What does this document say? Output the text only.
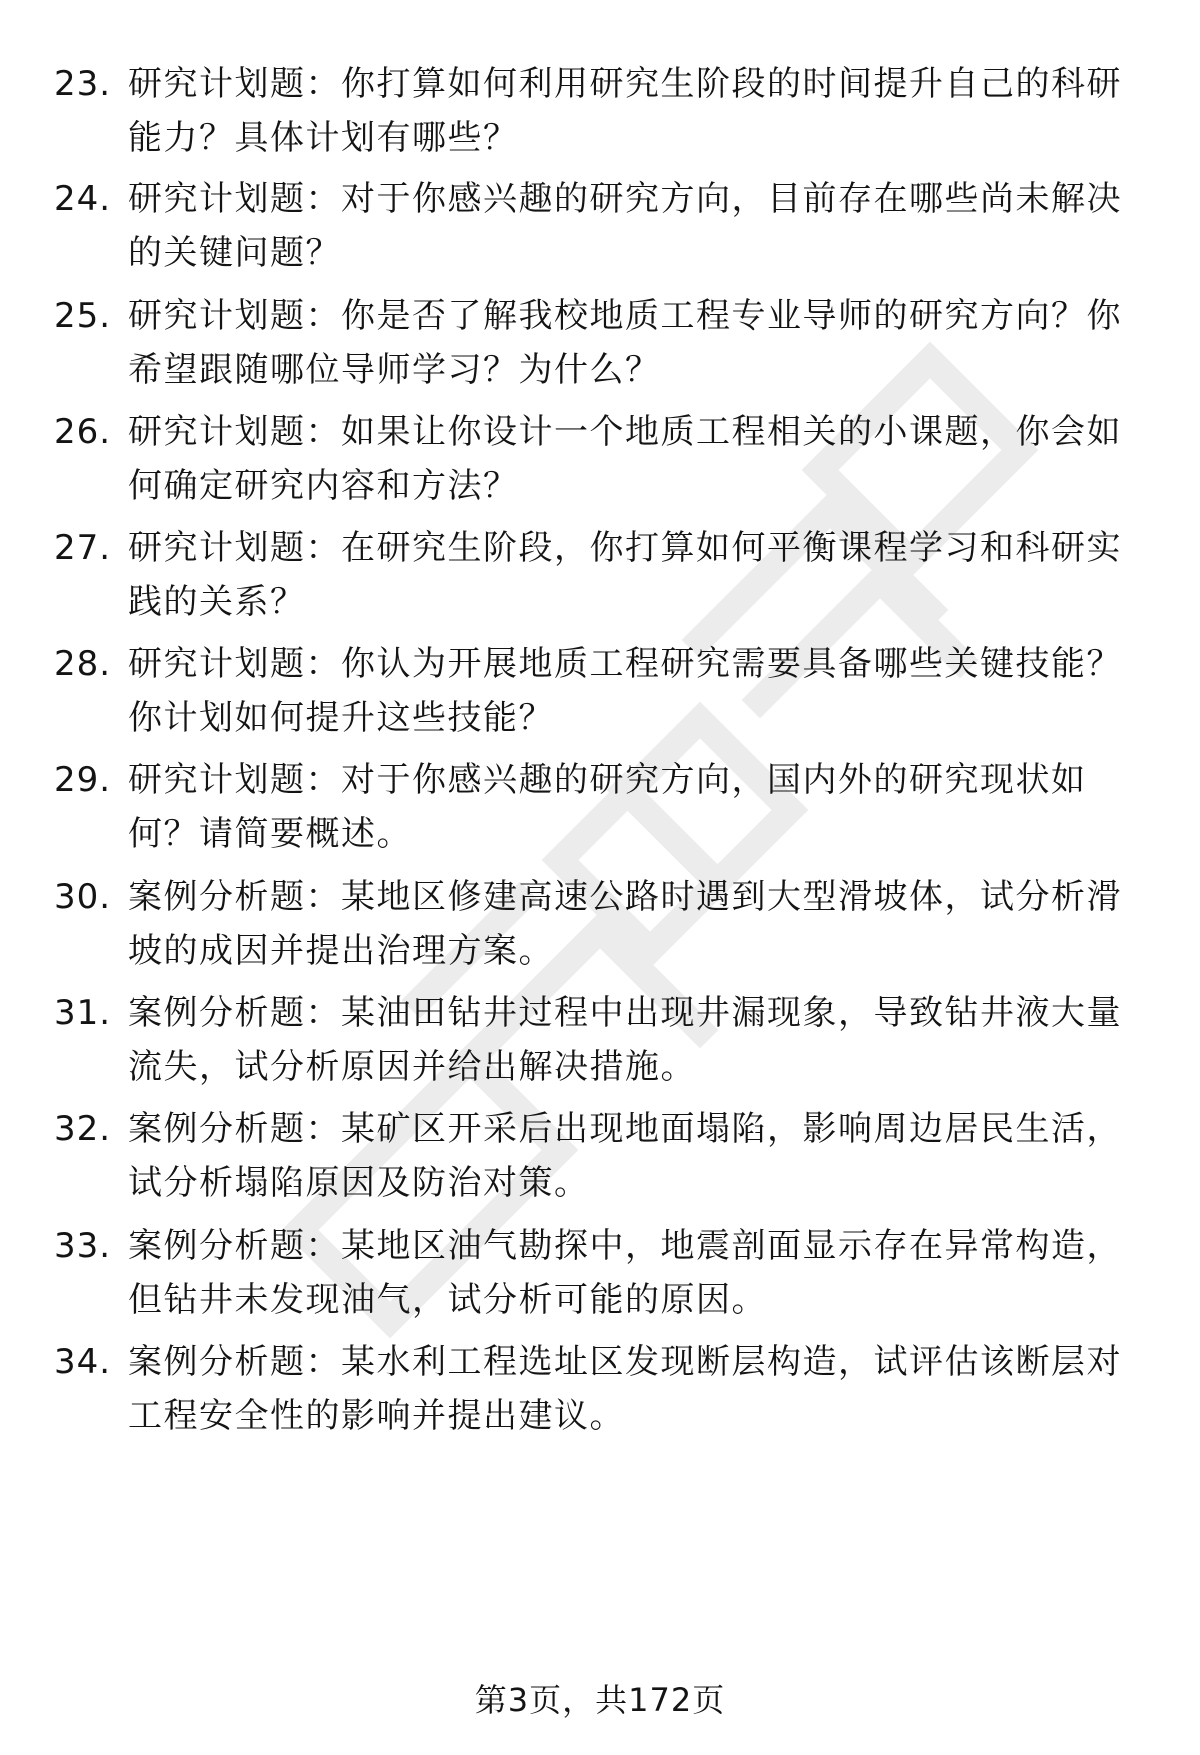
23. 研究计划题：你打算如何利用研究生阶段的时间提升自己的科研能力？具体计划有哪些？
24. 研究计划题：对于你感兴趣的研究方向，目前存在哪些尚未解决的关键问题？
25. 研究计划题：你是否了解我校地质工程专业导师的研究方向？你希望跟随哪位导师学习？为什么？
26. 研究计划题：如果让你设计一个地质工程相关的小课题，你会如何确定研究内容和方法？
27. 研究计划题：在研究生阶段，你打算如何平衡课程学习和科研实践的关系？
28. 研究计划题：你认为开展地质工程研究需要具备哪些关键技能？你计划如何提升这些技能？
29. 研究计划题：对于你感兴趣的研究方向，国内外的研究现状如何？请简要概述。
30. 案例分析题：某地区修建高速公路时遇到大型滑坡体，试分析滑坡的成因并提出治理方案。
31. 案例分析题：某油田钻井过程中出现井漏现象，导致钻井液大量流失，试分析原因并给出解决措施。
32. 案例分析题：某矿区开采后出现地面塌陷，影响周边居民生活，试分析塌陷原因及防治对策。
33. 案例分析题：某地区油气勘探中，地震剖面显示存在异常构造，但钻井未发现油气，试分析可能的原因。
34. 案例分析题：某水利工程选址区发现断层构造，试评估该断层对工程安全性的影响并提出建议。
第3页，共172页
